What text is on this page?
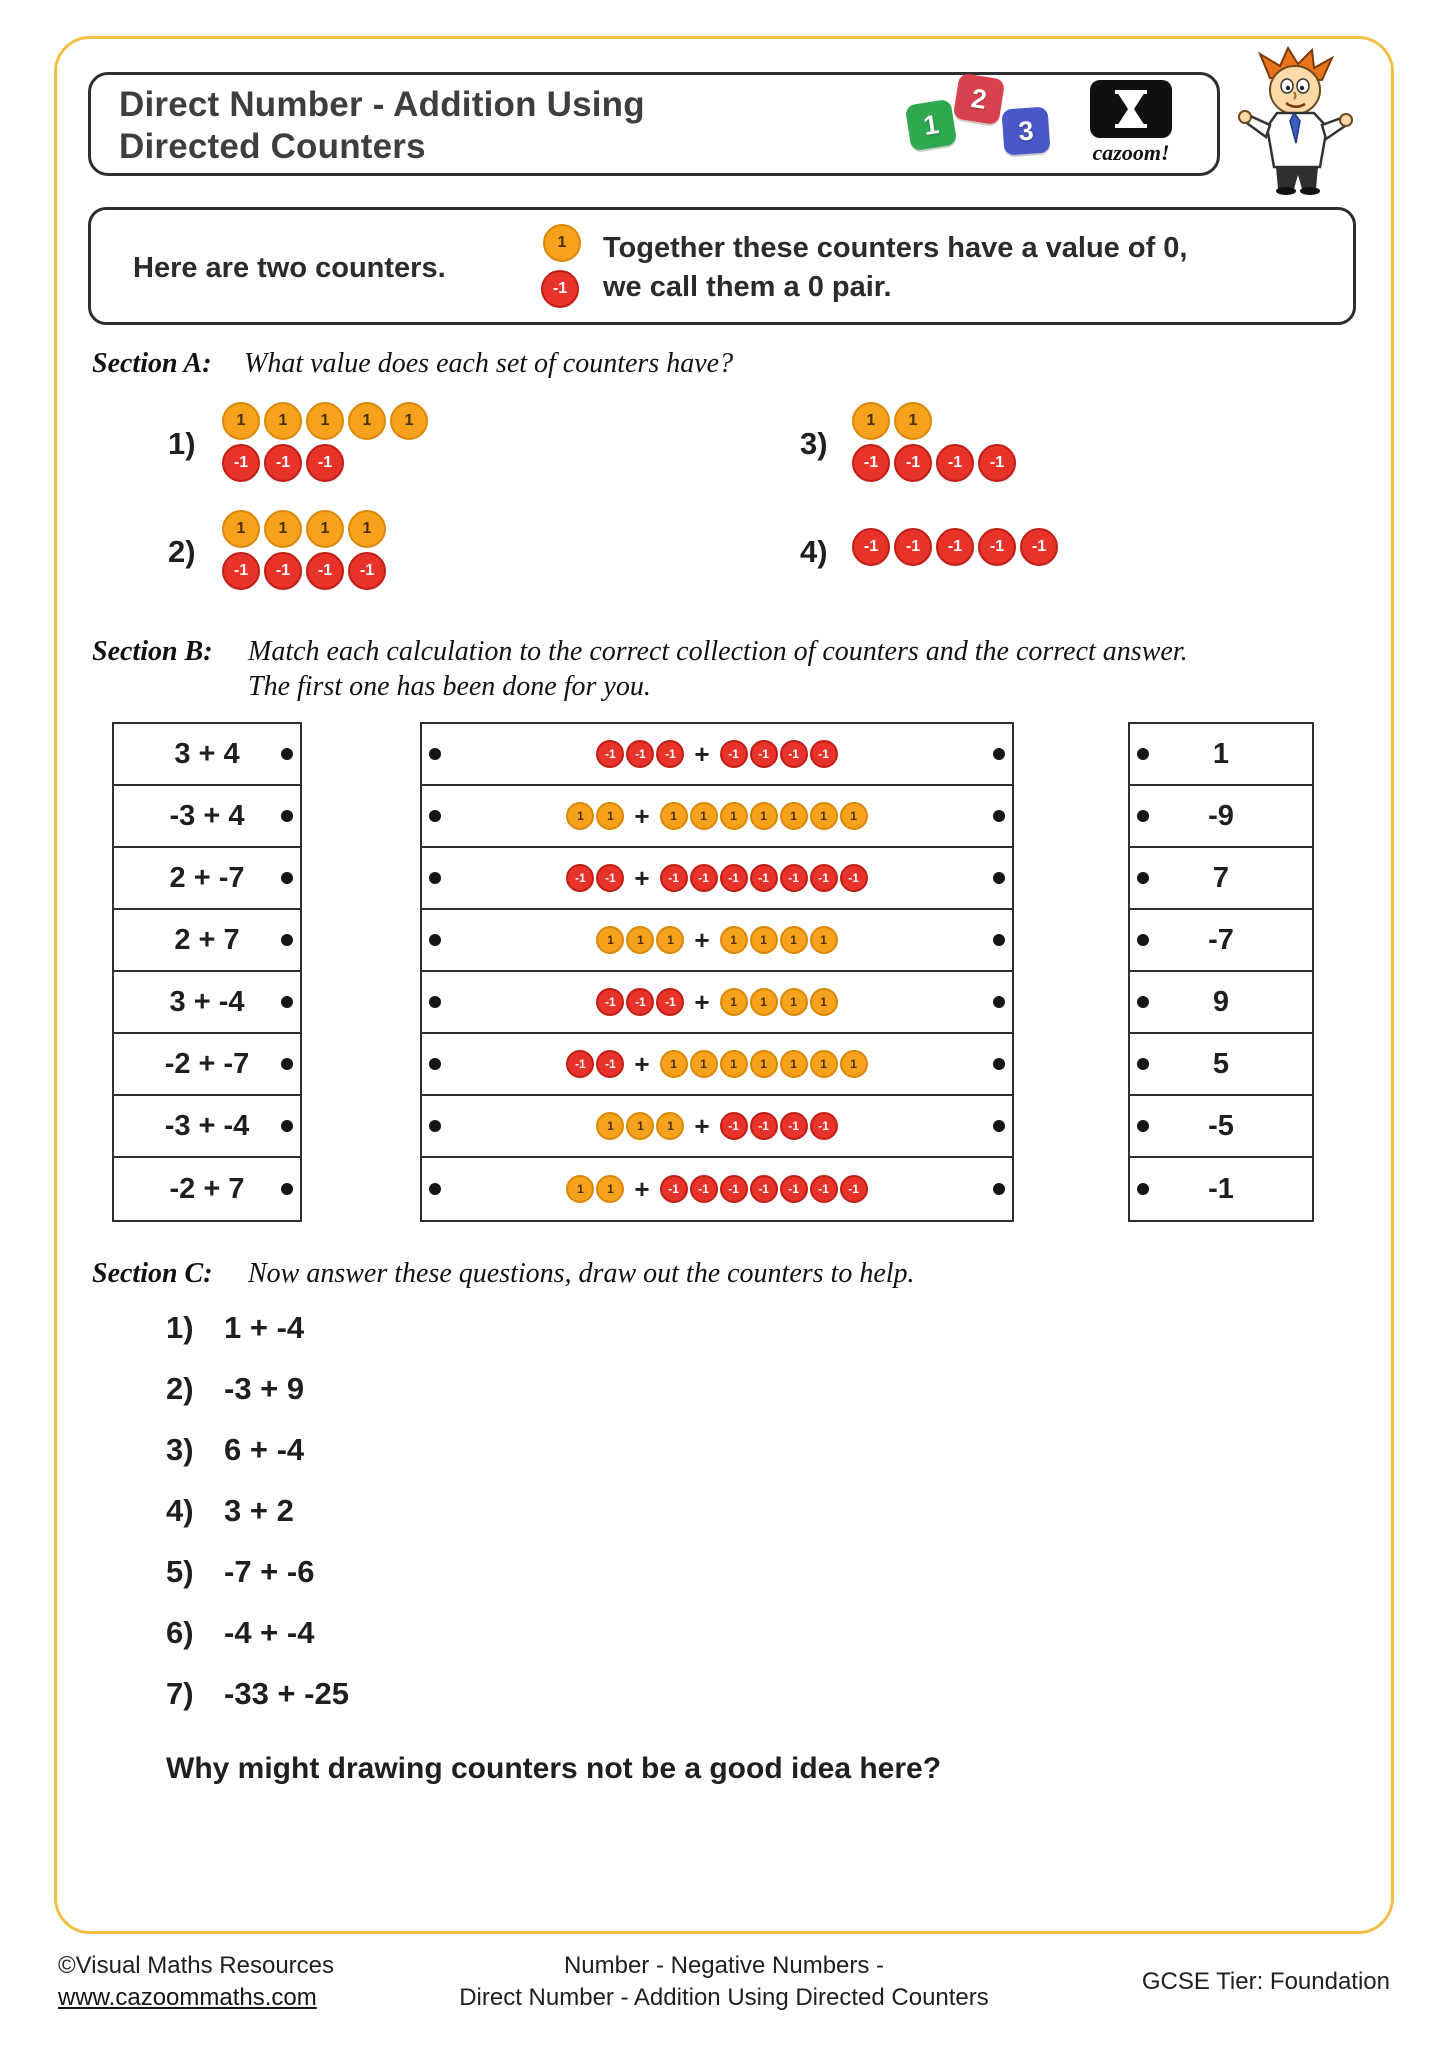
Direct Number - Addition Using
Directed Counters
1
2
3
cazoom!
Here are two counters.
1
-1
Together these counters have a value of 0,
we call them a 0 pair.
Section A: What value does each set of counters have?
1)
1	1	1	1	1
-1	-1	-1
2)
1	1	1	1
-1	-1	-1	-1
3)
1	1
-1	-1	-1	-1
4)	-1	-1	-1	-1	-1
Section B: Match each calculation to the correct collection of counters and the correct answer.
The first one has been done for you.
3 + 4
-3 + 4
2 + -7
2 + 7
3 + -4
-2 + -7
-3 + -4
-2 + 7
-1	-1	-1 +	-1	-1	-1	-1
1	1 +	1	1	1	1	1	1	1
-1	-1 +	-1	-1	-1	-1	-1	-1	-1
1	1	1 +	1	1	1	1
-1	-1	-1 +	1	1	1	1
-1	-1 +	1	1	1	1	1	1	1
1	1	1 +	-1	-1	-1	-1
1	1 +	-1	-1	-1	-1	-1	-1	-1
1
-9
7
-7
9
5
-5
-1
Section C: Now answer these questions, draw out the counters to help.
1) 1 + -4
2) -3 + 9
3) 6 + -4
4) 3 + 2
5) -7 + -6
6) -4 + -4
7) -33 + -25
Why might drawing counters not be a good idea here?
©Visual Maths Resources
www.cazoommaths.com
Number - Negative Numbers -
Direct Number - Addition Using Directed Counters
GCSE Tier: Foundation
